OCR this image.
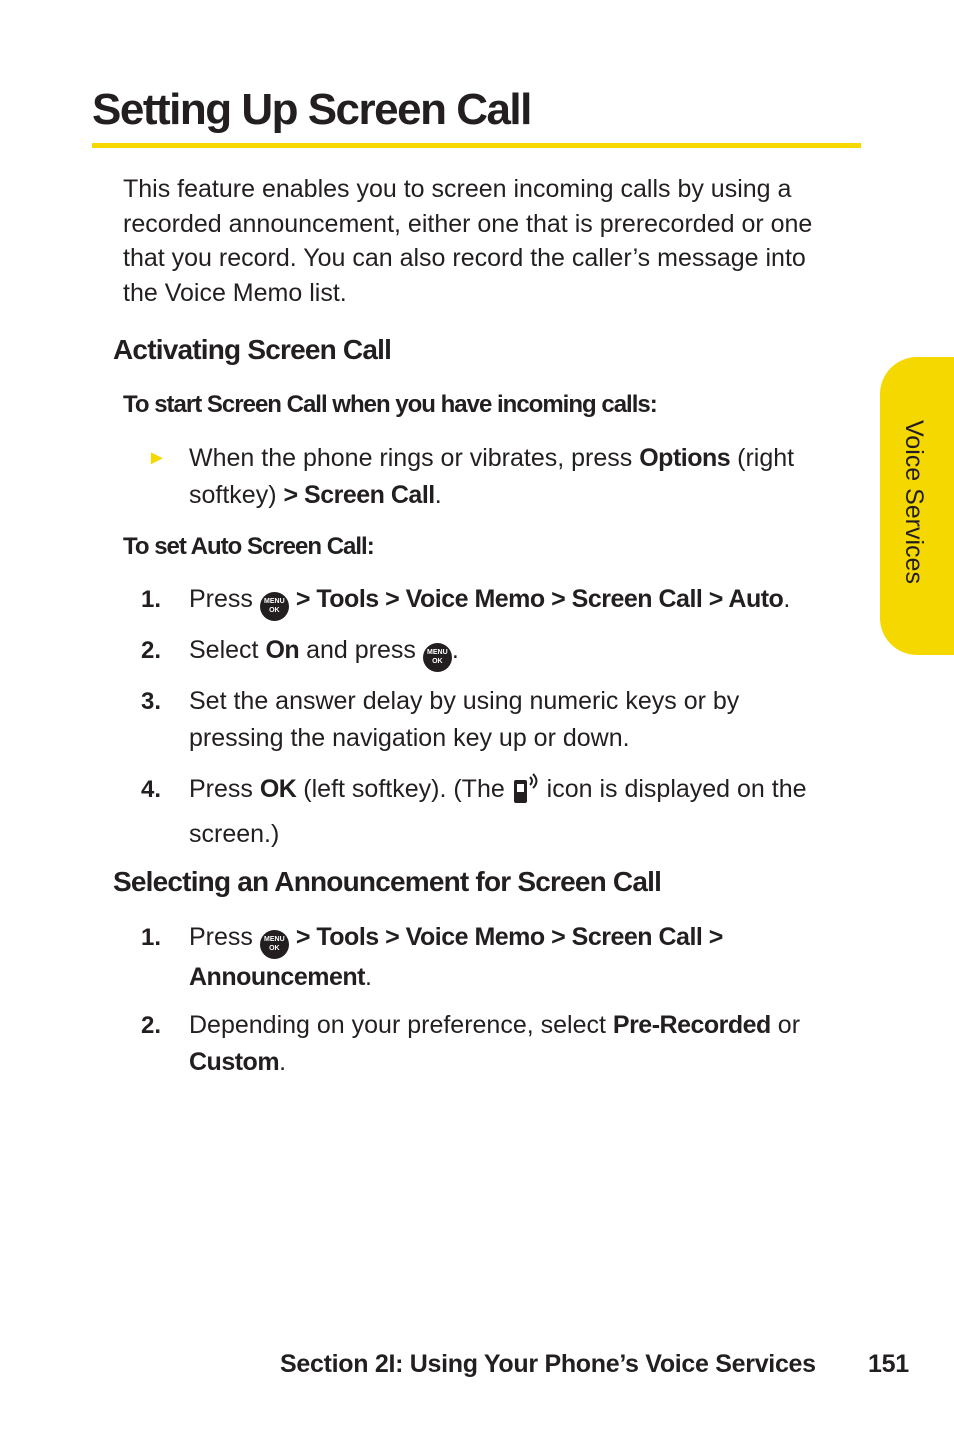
Setting Up Screen Call

This feature enables you to screen incoming calls by using a recorded announcement, either one that is prerecorded or one that you record. You can also record the caller’s message into the Voice Memo list.

Activating Screen Call
To start Screen Call when you have incoming calls:
► When the phone rings or vibrates, press Options (right softkey) > Screen Call.
To set Auto Screen Call:
1. Press MENU
OK > Tools > Voice Memo > Screen Call > Auto.
2. Select On and press MENU
OK .
3. Set the answer delay by using numeric keys or by pressing the navigation key up or down.
4. Press OK (left softkey). (The  icon is displayed on the screen.)
Selecting an Announcement for Screen Call
1. Press MENU
OK > Tools > Voice Memo > Screen Call > Announcement.
2. Depending on your preference, select Pre-Recorded or Custom.
Voice Services
Section 2I: Using Your Phone’s Voice Services 151
